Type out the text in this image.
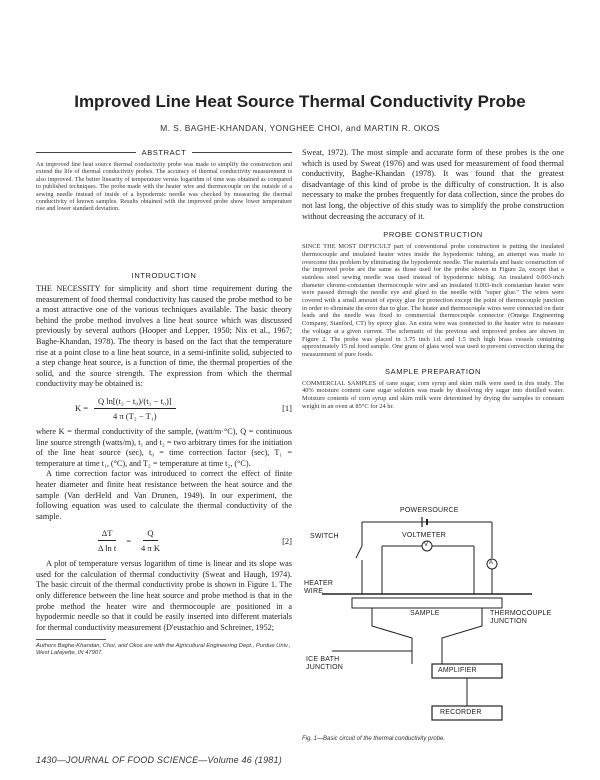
Improved Line Heat Source Thermal Conductivity Probe
M. S. BAGHE-KHANDAN, YONGHEE CHOI, and MARTIN R. OKOS
ABSTRACT
An improved line heat source thermal conductivity probe was made to simplify the construction and extend the life of thermal conductivity probes. The accuracy of thermal conductivity measurement is also improved. The better linearity of temperature versus logarithm of time was obtained as compared to published techniques. The probe made with the heater wire and thermocouple on the outside of a sewing needle instead of inside of a hypodermic needle was checked by measuring the thermal conductivity of known samples. Results obtained with the improved probe show lower temperature rise and lower standard deviation.
INTRODUCTION
THE NECESSITY for simplicity and short time requirement during the measurement of food thermal conductivity has caused the probe method to be a most attractive one of the various techniques available. The basic theory behind the probe method involves a line heat source which was discussed previously by several authors (Hooper and Lepper, 1950; Nix et al., 1967; Baghe-Khandan, 1978). The theory is based on the fact that the temperature rise at a point close to a line heat source, in a semi-infinite solid, subjected to a step change heat source, is a function of time, the thermal properties of the solid, and the source strength. The expression from which the thermal conductivity may be obtained is:
$K = \frac{\text{Q ln[(t₂ − t₀)/(t₁ − t₀)]}}{\text{4 π (T₂ − T₁)}}$	[1]
where K = thermal conductivity of the sample, (watt/m·°C), Q = continuous line source strength (watts/m), t₁ and t₂ = two arbitrary times for the initiation of the line heat source (sec), t₀ = time correction factor (sec), T₁ = temperature at time t₁, (°C), and T₂ = temperature at time t₂, (°C).
A time correction factor was introduced to correct the effect of finite heater diameter and finite heat resistance between the heat source and the sample (Van derHeld and Van Drunen, 1949). In our experiment, the following equation was used to calculate the thermal conductivity of the sample.
$\frac{\Delta T}{\text{Δ ln t}} = \frac{Q}{\text{4 π K}}$	[2]
A plot of temperature versus logarithm of time is linear and its slope was used for the calculation of thermal conductivity (Sweat and Haugh, 1974). The basic circuit of the thermal conductivity probe is shown in Figure 1. The only difference between the line heat source and probe method is that in the probe method the heater wire and thermocouple are positioned in a hypodermic needle so that it could be easily inserted into different materials for thermal conductivity measurement (D'eustachio and Schreiner, 1952;
Authors Baghe-Khandan, Choi, and Okos are with the Agricultural Engineering Dept., Purdue Univ., West Lafayette, IN 47907.
Sweat, 1972). The most simple and accurate form of these probes is the one which is used by Sweat (1976) and was used for measurement of food thermal conductivity, Baghe-Khandan (1978). It was found that the greatest disadvantage of this kind of probe is the difficulty of construction. It is also necessary to make the probes frequently for data collection, since the probes do not last long, the objective of this study was to simplify the probe construction without decreasing the accuracy of it.
PROBE CONSTRUCTION
SINCE THE MOST DIFFICULT part of conventional probe construction is putting the insulated thermocouple and insulated heater wires inside the hypodermic tubing, an attempt was made to overcome this problem by eliminating the hypodermic needle. The materials and basic construction of the improved probe are the same as those used for the probe shown in Figure 2a, except that a stainless steel sewing needle was used instead of hypodermic tubing. An insulated 0.003-inch diameter chrome-constantan thermocouple wire and an insulated 0.003-inch constantan heater wire were passed through the needle eye and glued to the needle with "super glue." The wires were covered with a small amount of epoxy glue for protection except the point of thermocouple junction in order to eliminate the error due to glue. The heater and thermocouple wires were connected on their leads and the needle was fixed to commercial thermocouple connector (Omega Engineering Company, Stanford, CT) by epoxy glue. An extra wire was connected to the heater wire to measure the voltage at a given current. The schematic of the previous and improved probes are shown in Figure 2. The probe was placed in 3.75 inch i.d. and 1.5 inch high brass vessels containing approximately 15 ml food sample. One gram of glass wool was used to prevent convection during the measurement of pure foods.
SAMPLE PREPARATION
COMMERCIAL SAMPLES of cane sugar, corn syrup and skim milk were used in this study. The 40% moisture content cane sugar solution was made by dissolving dry sugar into distilled water. Moisture contents of corn syrup and skim milk were determined by drying the samples to constant weight in an oven at 85°C for 24 hr.
POWERSOURCE
SWITCH	VOLTMETER
V
A
HEATER
WIRE
SAMPLE	THERMOCOUPLE
JUNCTION
ICE BATH
JUNCTION	AMPLIFIER
RECORDER
Fig. 1—Basic circuit of the thermal conductivity probe.
1430—JOURNAL OF FOOD SCIENCE—Volume 46 (1981)
